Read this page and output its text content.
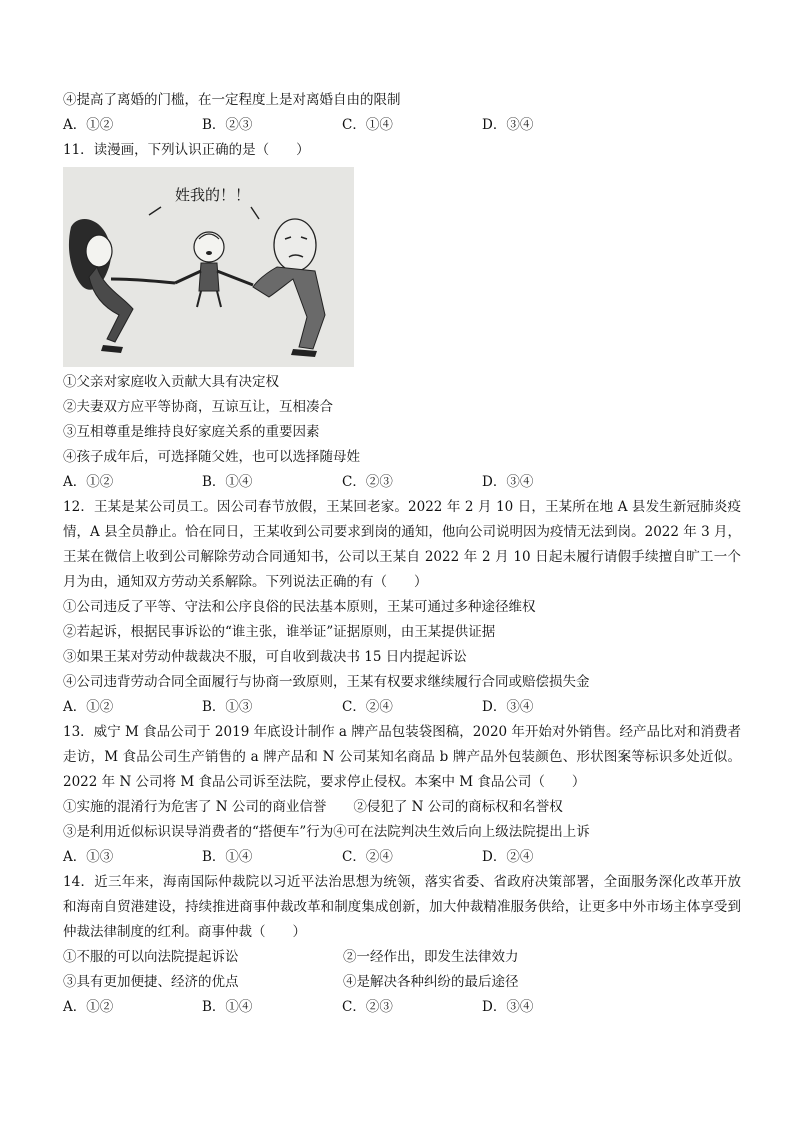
④提高了离婚的门槛，在一定程度上是对离婚自由的限制
A．①②	B．②③	C．①④	D．③④
11．读漫画，下列认识正确的是（　　）
姓我的！！
①父亲对家庭收入贡献大具有决定权
②夫妻双方应平等协商，互谅互让，互相凑合
③互相尊重是维持良好家庭关系的重要因素
④孩子成年后，可选择随父姓，也可以选择随母姓
A．①②	B．①④	C．②③	D．③④
12．王某是某公司员工。因公司春节放假，王某回老家。2022 年 2 月 10 日，王某所在地 A 县发生新冠肺炎疫情，A 县全员静止。恰在同日，王某收到公司要求到岗的通知，他向公司说明因为疫情无法到岗。2022 年 3 月，王某在微信上收到公司解除劳动合同通知书，公司以王某自 2022 年 2 月 10 日起未履行请假手续擅自旷工一个月为由，通知双方劳动关系解除。下列说法正确的有（　　）
①公司违反了平等、守法和公序良俗的民法基本原则，王某可通过多种途径维权
②若起诉，根据民事诉讼的“谁主张，谁举证”证据原则，由王某提供证据
③如果王某对劳动仲裁裁决不服，可自收到裁决书 15 日内提起诉讼
④公司违背劳动合同全面履行与协商一致原则，王某有权要求继续履行合同或赔偿损失金
A．①②	B．①③	C．②④	D．③④
13．威宁 M 食品公司于 2019 年底设计制作 a 牌产品包装袋图稿，2020 年开始对外销售。经产品比对和消费者走访，M 食品公司生产销售的 a 牌产品和 N 公司某知名商品 b 牌产品外包装颜色、形状图案等标识多处近似。2022 年 N 公司将 M 食品公司诉至法院，要求停止侵权。本案中 M 食品公司（　　）
①实施的混淆行为危害了 N 公司的商业信誉　　②侵犯了 N 公司的商标权和名誉权
③是利用近似标识误导消费者的“搭便车”行为④可在法院判决生效后向上级法院提出上诉
A．①③	B．①④	C．②④	D．②④
14．近三年来，海南国际仲裁院以习近平法治思想为统领，落实省委、省政府决策部署，全面服务深化改革开放和海南自贸港建设，持续推进商事仲裁改革和制度集成创新，加大仲裁精准服务供给，让更多中外市场主体享受到仲裁法律制度的红利。商事仲裁（　　）
①不服的可以向法院提起诉讼	②一经作出，即发生法律效力
③具有更加便捷、经济的优点	④是解决各种纠纷的最后途径
A．①②	B．①④	C．②③	D．③④
